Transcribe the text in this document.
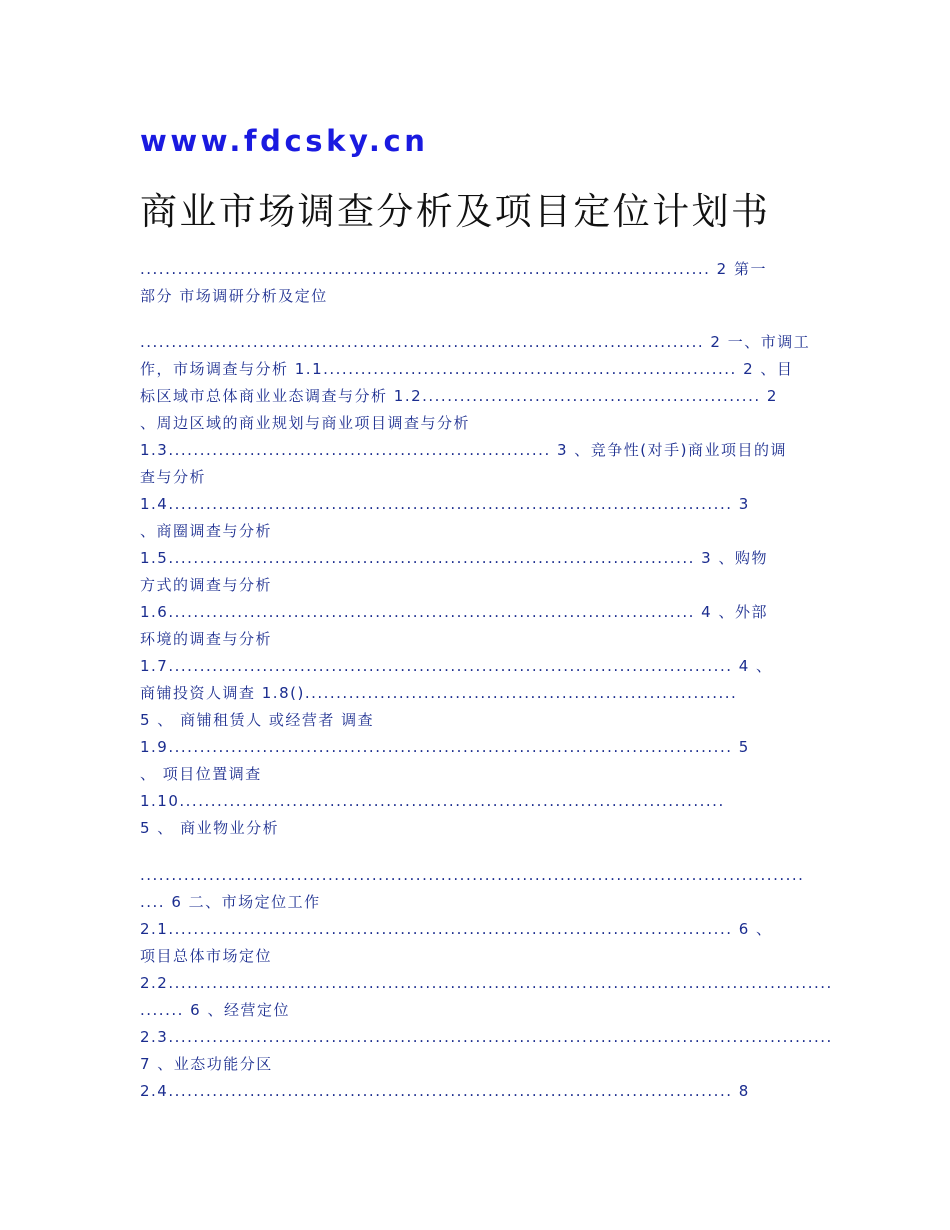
www.fdcsky.cn
商业市场调查分析及项目定位计划书
........................................................................................... 2 第一
部分 市场调研分析及定位
.......................................................................................... 2 一、市调工
作，市场调查与分析 1.1.................................................................. 2 、目
标区域市总体商业业态调查与分析 1.2...................................................... 2
、周边区域的商业规划与商业项目调查与分析
1.3............................................................. 3 、竞争性(对手)商业项目的调
查与分析
1.4.......................................................................................... 3
、商圈调查与分析
1.5.................................................................................... 3 、购物
方式的调查与分析
1.6.................................................................................... 4 、外部
环境的调查与分析
1.7.......................................................................................... 4 、
商铺投资人调查 1.8().....................................................................
5 、 商铺租赁人 或经营者 调查
1.9.......................................................................................... 5
、 项目位置调查
1.10.......................................................................................
5 、 商业物业分析
..........................................................................................................
.... 6 二、市场定位工作
2.1.......................................................................................... 6 、
项目总体市场定位
2.2..........................................................................................................
....... 6 、经营定位
2.3..........................................................................................................
7 、业态功能分区
2.4.......................................................................................... 8
